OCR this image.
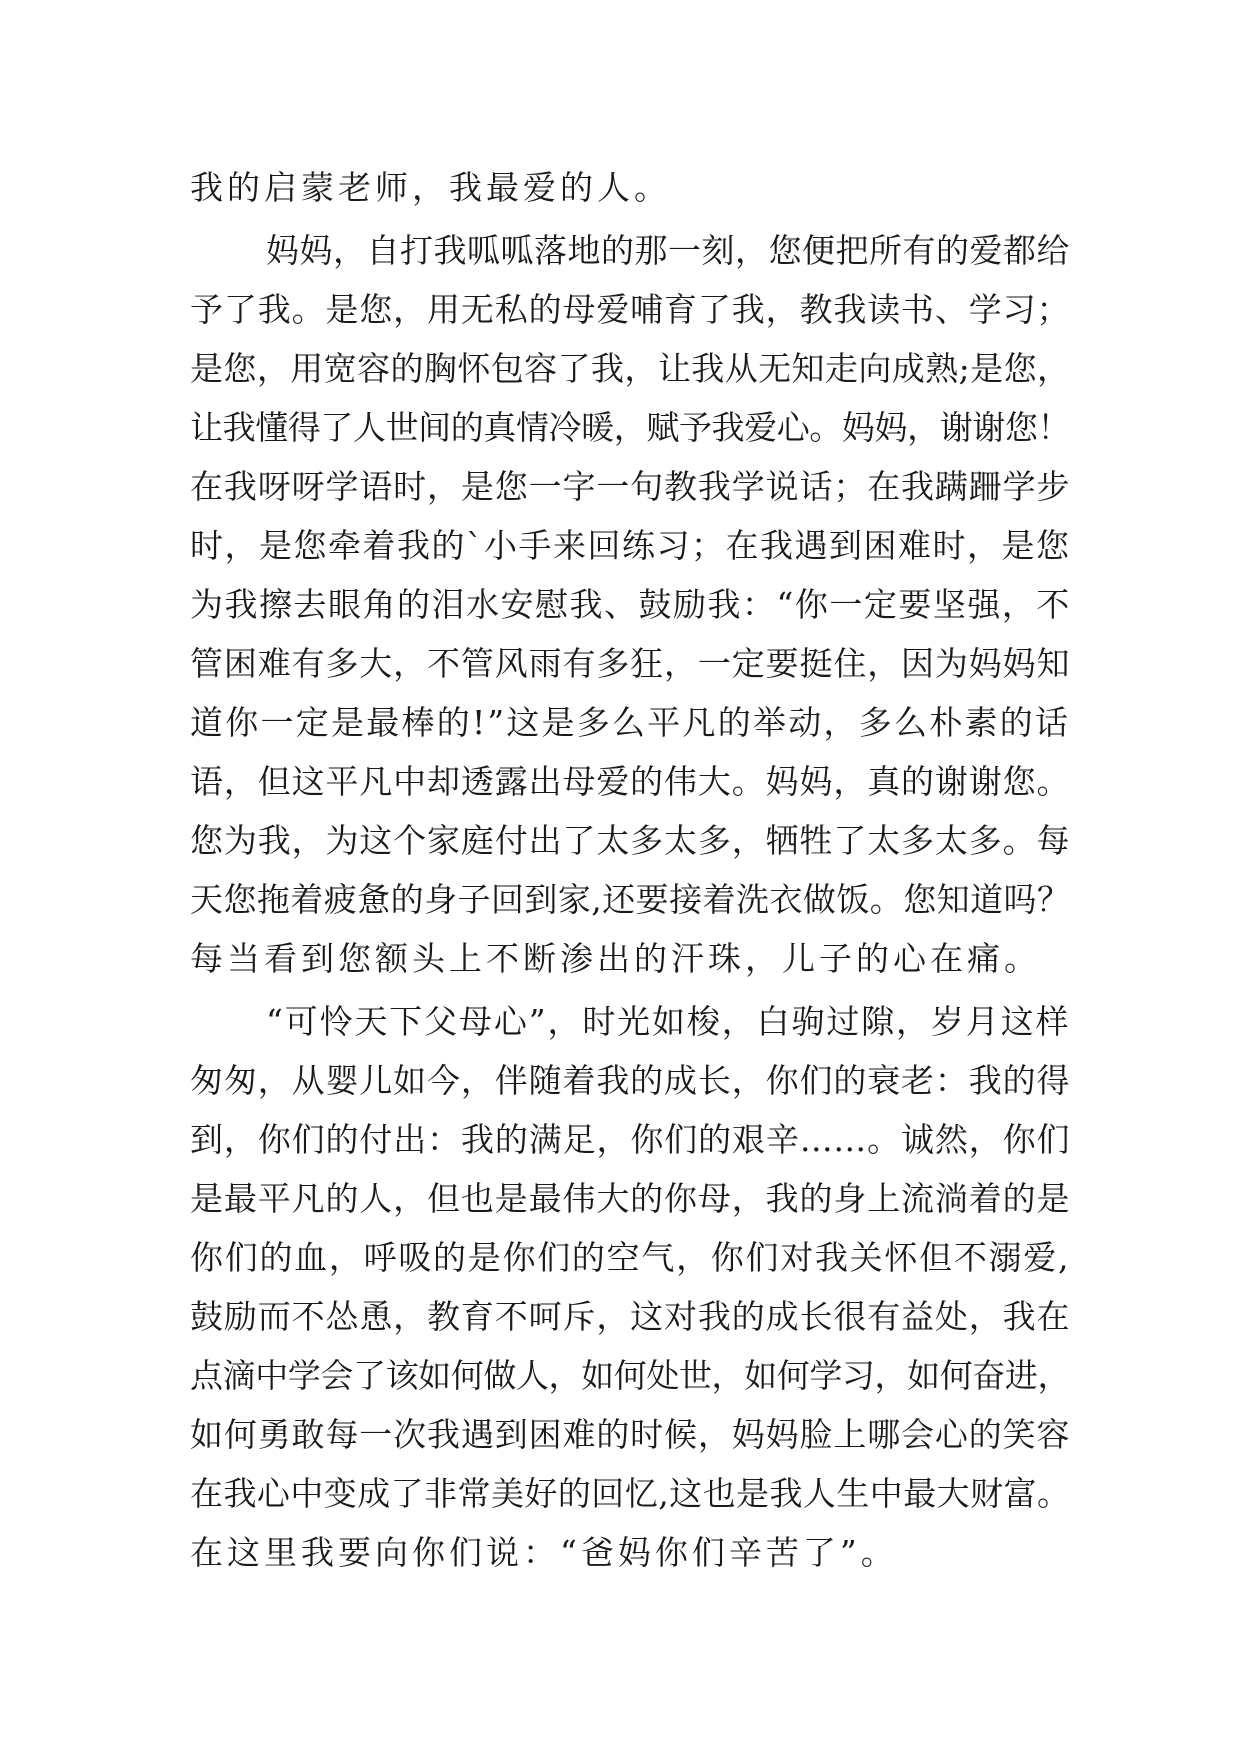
我的启蒙老师，我最爱的人。
妈妈，自打我呱呱落地的那一刻，您便把所有的爱都给
予了我。是您，用无私的母爱哺育了我，教我读书、学习；
是您，用宽容的胸怀包容了我，让我从无知走向成熟;是您，
让我懂得了人世间的真情冷暖，赋予我爱心。妈妈，谢谢您！
在我呀呀学语时，是您一字一句教我学说话；在我蹒跚学步
时，是您牵着我的`小手来回练习；在我遇到困难时，是您
为我擦去眼角的泪水安慰我、鼓励我：“你一定要坚强，不
管困难有多大，不管风雨有多狂，一定要挺住，因为妈妈知
道你一定是最棒的!”这是多么平凡的举动，多么朴素的话
语，但这平凡中却透露出母爱的伟大。妈妈，真的谢谢您。
您为我，为这个家庭付出了太多太多，牺牲了太多太多。每
天您拖着疲惫的身子回到家,还要接着洗衣做饭。您知道吗？
每当看到您额头上不断渗出的汗珠，儿子的心在痛。
“可怜天下父母心”，时光如梭，白驹过隙，岁月这样
匆匆，从婴儿如今，伴随着我的成长，你们的衰老：我的得
到，你们的付出：我的满足，你们的艰辛……。诚然，你们
是最平凡的人，但也是最伟大的你母，我的身上流淌着的是
你们的血，呼吸的是你们的空气，你们对我关怀但不溺爱,
鼓励而不怂恿，教育不呵斥，这对我的成长很有益处，我在
点滴中学会了该如何做人，如何处世，如何学习，如何奋进，
如何勇敢每一次我遇到困难的时候，妈妈脸上哪会心的笑容
在我心中变成了非常美好的回忆,这也是我人生中最大财富。
在这里我要向你们说：“爸妈你们辛苦了”。
